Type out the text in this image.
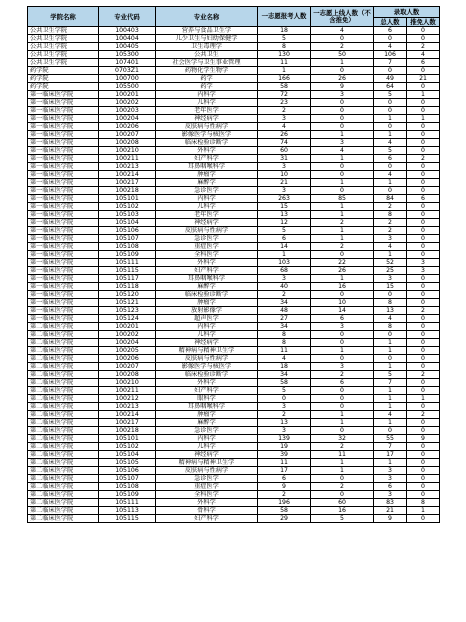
学院名称	专业代码	专业名称	一志愿报考人数	一志愿上线人数（不含推免）	录取人数	
					总人数	推免人数
公共卫生学院	100403	营养与食品卫生学	18	4	6	0
公共卫生学院	100404	儿少卫生与妇幼保健学	5	0	0	0
公共卫生学院	100405	卫生毒理学	8	2	4	2
公共卫生学院	105300	公共卫生	130	50	106	4
公共卫生学院	107401	社会医学与卫生事业管理	11	1	7	6
药学院	0703Z1	药物化学生物学	1	0	0	0
药学院	100700	药学	166	26	49	21
药学院	105500	药学	58	9	64	0
第一临床医学院	100201	内科学	72	3	5	1
第一临床医学院	100202	儿科学	23	0	0	0
第一临床医学院	100203	老年医学	2	0	0	0
第一临床医学院	100204	神经病学	3	0	1	1
第一临床医学院	100206	皮肤病与性病学	4	0	0	0
第一临床医学院	100207	影像医学与核医学	26	1	1	0
第一临床医学院	100208	临床检验诊断学	74	3	4	0
第一临床医学院	100210	外科学	60	4	5	0
第一临床医学院	100211	妇产科学	31	1	6	2
第一临床医学院	100213	耳鼻咽喉科学	3	0	0	0
第一临床医学院	100214	肿瘤学	10	0	4	0
第一临床医学院	100217	麻醉学	21	1	1	0
第一临床医学院	100218	急诊医学	3	0	0	0
第一临床医学院	105101	内科学	263	85	84	6
第一临床医学院	105102	儿科学	15	1	2	0
第一临床医学院	105103	老年医学	13	1	8	0
第一临床医学院	105104	神经病学	12	2	2	0
第一临床医学院	105106	皮肤病与性病学	5	1	2	0
第一临床医学院	105107	急诊医学	6	1	3	0
第一临床医学院	105108	重症医学	14	2	4	0
第一临床医学院	105109	全科医学	1	0	1	0
第一临床医学院	105111	外科学	103	22	52	3
第一临床医学院	105115	妇产科学	68	26	25	3
第一临床医学院	105117	耳鼻咽喉科学	3	1	3	0
第一临床医学院	105118	麻醉学	40	16	15	0
第一临床医学院	105120	临床检验诊断学	2	0	0	0
第一临床医学院	105121	肿瘤学	34	10	8	0
第一临床医学院	105123	放射影像学	48	14	13	2
第一临床医学院	105124	超声医学	27	6	4	0
第二临床医学院	100201	内科学	34	3	8	0
第二临床医学院	100202	儿科学	8	0	0	0
第二临床医学院	100204	神经病学	8	0	1	0
第二临床医学院	100205	精神病与精神卫生学	11	1	1	0
第二临床医学院	100206	皮肤病与性病学	4	0	0	0
第二临床医学院	100207	影像医学与核医学	18	3	1	0
第二临床医学院	100208	临床检验诊断学	34	2	5	2
第二临床医学院	100210	外科学	58	6	7	0
第二临床医学院	100211	妇产科学	5	0	1	0
第二临床医学院	100212	眼科学	0	0	1	1
第二临床医学院	100213	耳鼻咽喉科学	3	0	1	0
第二临床医学院	100214	肿瘤学	2	1	4	2
第二临床医学院	100217	麻醉学	13	1	1	0
第二临床医学院	100218	急诊医学	3	0	0	0
第二临床医学院	105101	内科学	139	32	55	9
第二临床医学院	105102	儿科学	19	2	7	0
第二临床医学院	105104	神经病学	39	11	17	0
第二临床医学院	105105	精神病与精神卫生学	11	1	1	0
第二临床医学院	105106	皮肤病与性病学	17	1	3	0
第二临床医学院	105107	急诊医学	6	0	3	0
第二临床医学院	105108	重症医学	9	2	6	0
第二临床医学院	105109	全科医学	2	0	3	0
第二临床医学院	105111	外科学	196	60	83	8
第二临床医学院	105113	骨科学	58	16	21	1
第二临床医学院	105115	妇产科学	29	5	9	0
